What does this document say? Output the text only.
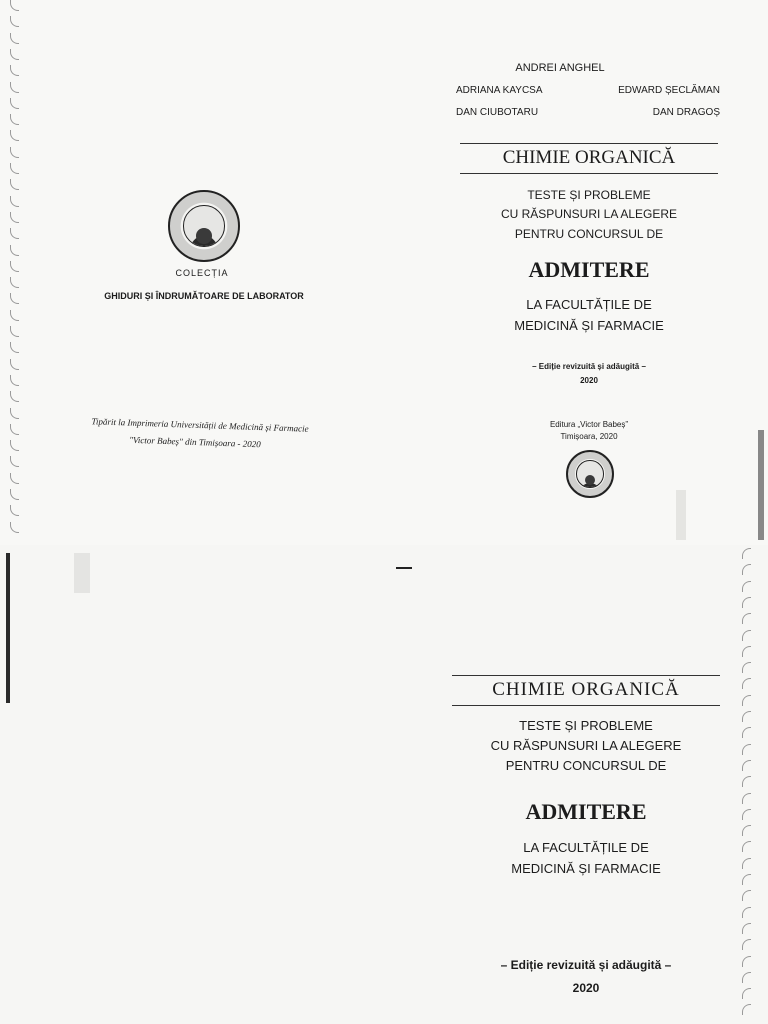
COLECȚIA
GHIDURI ȘI ÎNDRUMĂTOARE DE LABORATOR
Tipărit la Imprimeria Universității de Medicină și Farmacie
"Victor Babeș" din Timișoara - 2020
ANDREI ANGHEL
ADRIANA KAYCSA	EDWARD ȘECLĂMAN
DAN CIUBOTARU	DAN DRAGOȘ
CHIMIE ORGANICĂ
TESTE ȘI PROBLEME
CU RĂSPUNSURI LA ALEGERE
PENTRU CONCURSUL DE
ADMITERE
LA FACULTĂȚILE DE
MEDICINĂ ȘI FARMACIE
– Ediție revizuită și adăugită –
2020
Editura „Victor Babeș”
Timișoara, 2020
CHIMIE ORGANICĂ
TESTE ȘI PROBLEME
CU RĂSPUNSURI LA ALEGERE
PENTRU CONCURSUL DE
ADMITERE
LA FACULTĂȚILE DE
MEDICINĂ ȘI FARMACIE
– Ediție revizuită și adăugită –
2020
